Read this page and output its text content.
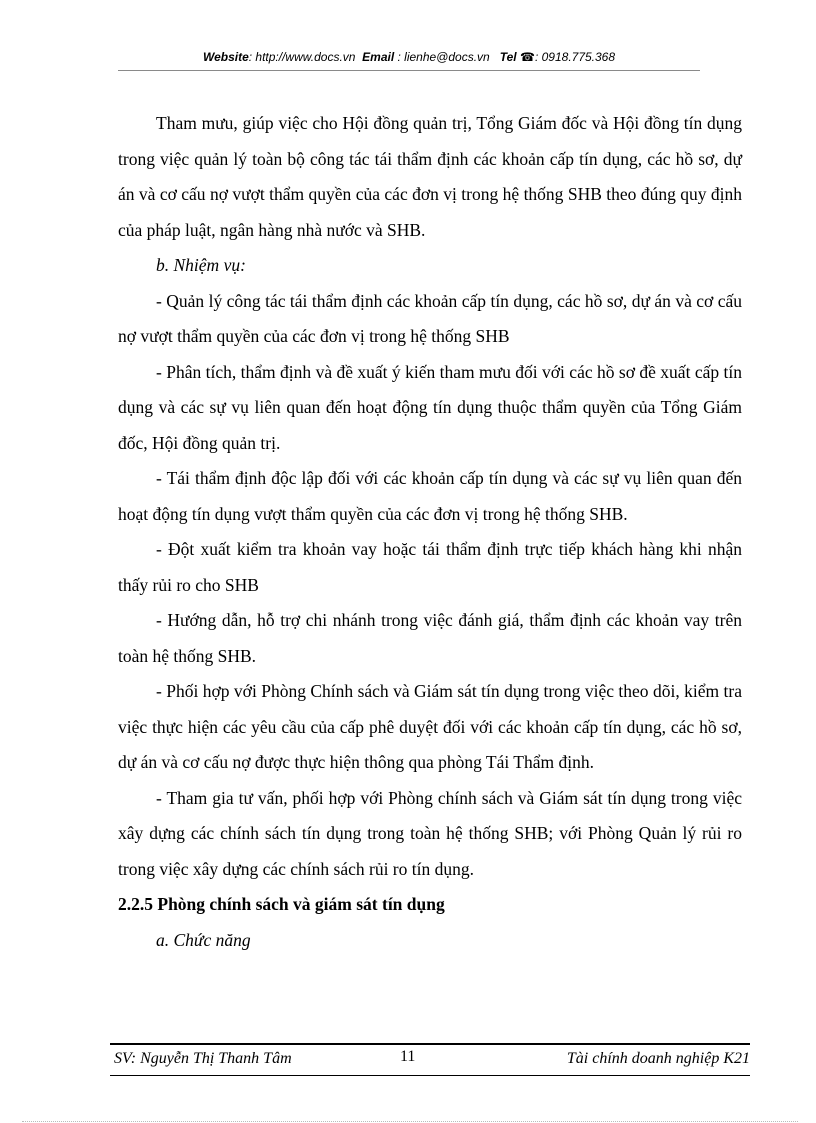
Website: http://www.docs.vn Email : lienhe@docs.vn Tel ☎: 0918.775.368

Tham mưu, giúp việc cho Hội đồng quản trị, Tổng Giám đốc và Hội đồng tín dụng trong việc quản lý toàn bộ công tác tái thẩm định các khoản cấp tín dụng, các hồ sơ, dự án và cơ cấu nợ vượt thẩm quyền của các đơn vị trong hệ thống SHB theo đúng quy định của pháp luật, ngân hàng nhà nước và SHB.

b. Nhiệm vụ:

- Quản lý công tác tái thẩm định các khoản cấp tín dụng, các hồ sơ, dự án và cơ cấu nợ vượt thẩm quyền của các đơn vị trong hệ thống SHB

- Phân tích, thẩm định và đề xuất ý kiến tham mưu đối với các hồ sơ đề xuất cấp tín dụng và các sự vụ liên quan đến hoạt động tín dụng thuộc thẩm quyền của Tổng Giám đốc, Hội đồng quản trị.

- Tái thẩm định độc lập đối với các khoản cấp tín dụng và các sự vụ liên quan đến hoạt động tín dụng vượt thẩm quyền của các đơn vị trong hệ thống SHB.

- Đột xuất kiểm tra khoản vay hoặc tái thẩm định trực tiếp khách hàng khi nhận thấy rủi ro cho SHB

- Hướng dẫn, hỗ trợ chi nhánh trong việc đánh giá, thẩm định các khoản vay trên toàn hệ thống SHB.

- Phối hợp với Phòng Chính sách và Giám sát tín dụng trong việc theo dõi, kiểm tra việc thực hiện các yêu cầu của cấp phê duyệt đối với các khoản cấp tín dụng, các hồ sơ, dự án và cơ cấu nợ được thực hiện thông qua phòng Tái Thẩm định.

- Tham gia tư vấn, phối hợp với Phòng chính sách và Giám sát tín dụng trong việc xây dựng các chính sách tín dụng trong toàn hệ thống SHB; với Phòng Quản lý rủi ro trong việc xây dựng các chính sách rủi ro tín dụng.

2.2.5 Phòng chính sách và giám sát tín dụng

a. Chức năng

SV: Nguyễn Thị Thanh Tâm	11	Tài chính doanh nghiệp K21
